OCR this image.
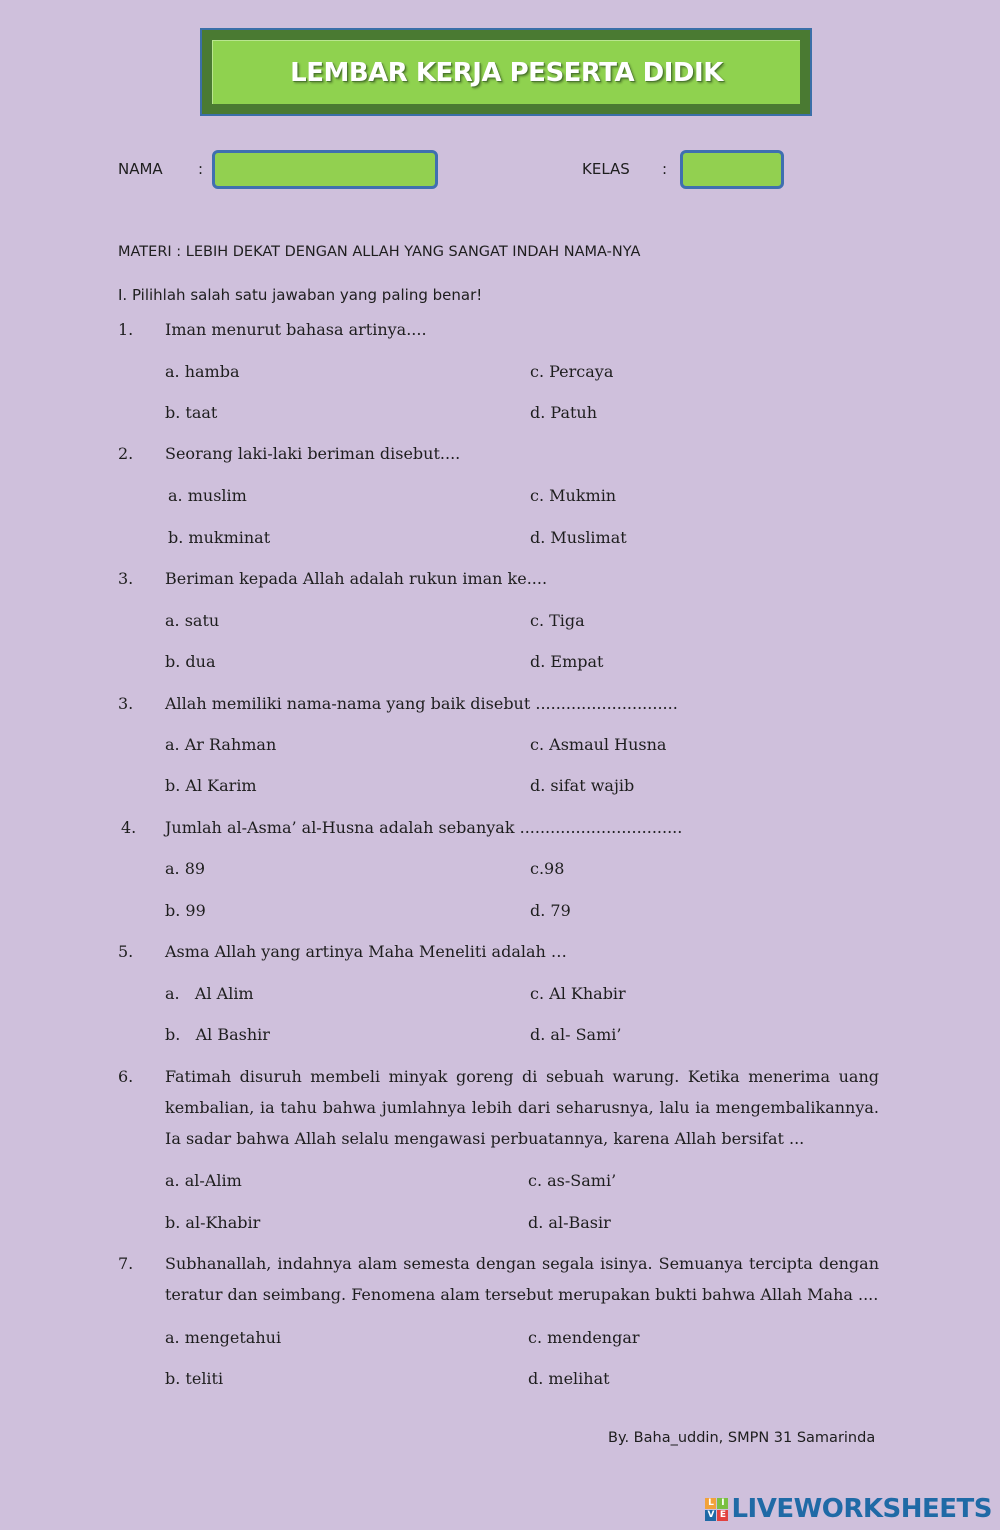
LEMBAR KERJA PESERTA DIDIK
NAMA :	KELAS :
MATERI : LEBIH DEKAT DENGAN ALLAH YANG SANGAT INDAH NAMA-NYA
I. Pilihlah salah satu jawaban yang paling benar!
1. Iman menurut bahasa artinya....
a. hamba	c. Percaya
b. taat	d. Patuh
2. Seorang laki-laki beriman disebut....
a. muslim	c. Mukmin
b. mukminat	d. Muslimat
3. Beriman kepada Allah adalah rukun iman ke....
a. satu	c. Tiga
b. dua	d. Empat
3. Allah memiliki nama-nama yang baik disebut ............................
a. Ar Rahman	c. Asmaul Husna
b. Al Karim	d. sifat wajib
4. Jumlah al-Asma’ al-Husna adalah sebanyak ................................
a. 89	c.98
b. 99	d. 79
5. Asma Allah yang artinya Maha Meneliti adalah …
a.   Al Alim	c. Al Khabir
b.   Al Bashir	d. al- Sami’
6. Fatimah disuruh membeli minyak goreng di sebuah warung. Ketika menerima uang kembalian, ia tahu bahwa jumlahnya lebih dari seharusnya, lalu ia mengembalikannya. Ia sadar bahwa Allah selalu mengawasi perbuatannya, karena Allah bersifat ...
a. al-Alim	c. as-Sami’
b. al-Khabir	d. al-Basir
7. Subhanallah, indahnya alam semesta dengan segala isinya. Semuanya tercipta dengan teratur dan seimbang. Fenomena alam tersebut merupakan bukti bahwa Allah Maha ....
a. mengetahui	c. mendengar
b. teliti	d. melihat
By. Baha_uddin, SMPN 31 Samarinda
L I
V E LIVEWORKSHEETS
